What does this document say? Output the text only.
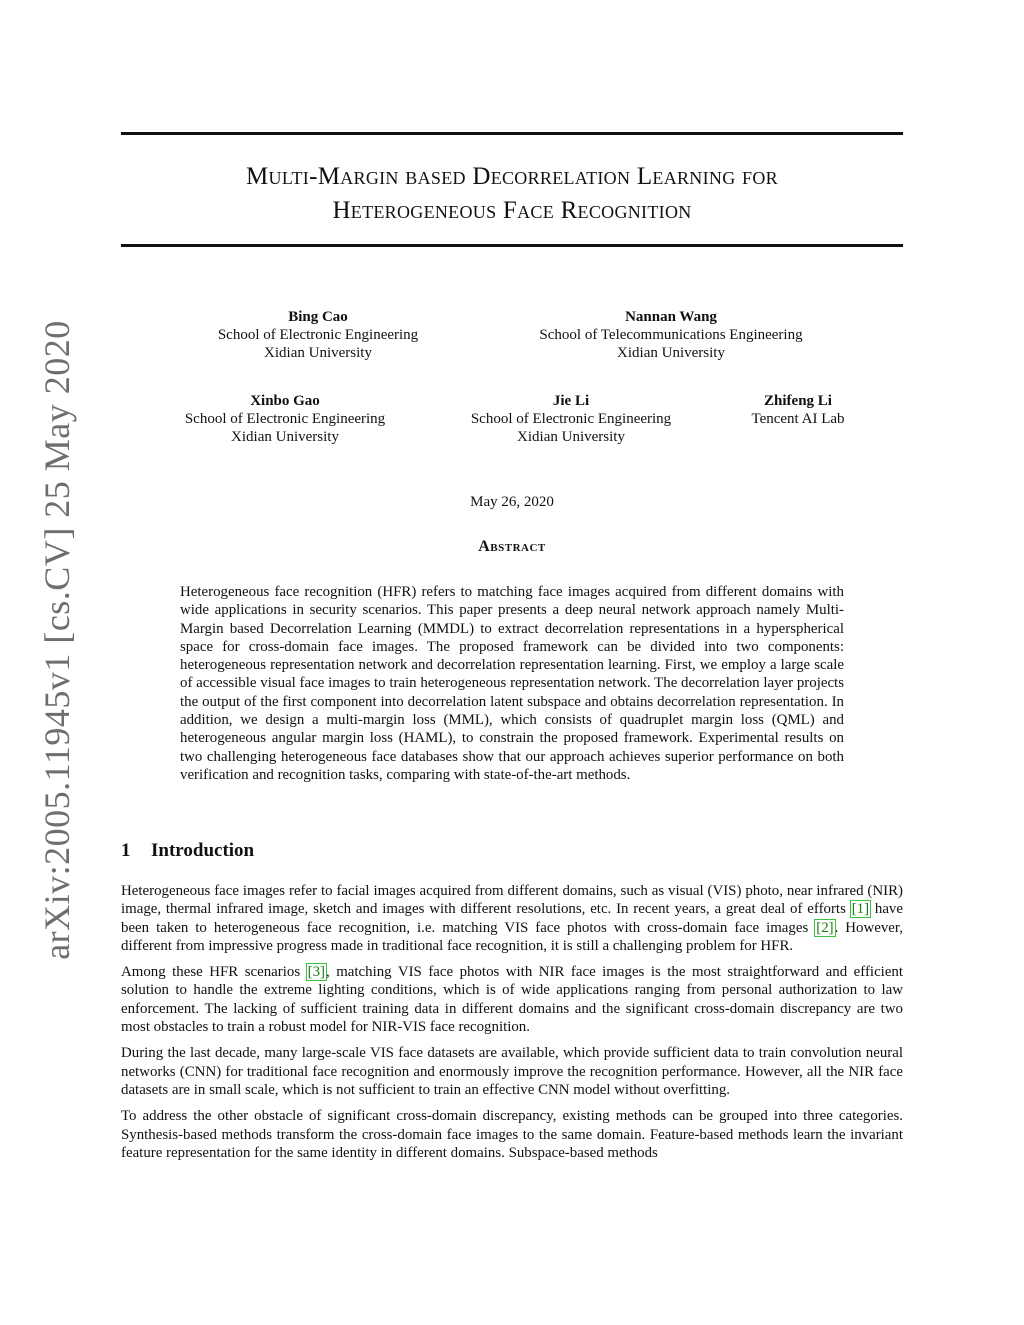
arXiv:2005.11945v1 [cs.CV] 25 May 2020
Multi-Margin based Decorrelation Learning for
Heterogeneous Face Recognition
Bing Cao
School of Electronic Engineering
Xidian University
Nannan Wang
School of Telecommunications Engineering
Xidian University
Xinbo Gao
School of Electronic Engineering
Xidian University
Jie Li
School of Electronic Engineering
Xidian University
Zhifeng Li
Tencent AI Lab
May 26, 2020
Abstract
Heterogeneous face recognition (HFR) refers to matching face images acquired from different domains with wide applications in security scenarios. This paper presents a deep neural network approach namely Multi-Margin based Decorrelation Learning (MMDL) to extract decorrelation representations in a hyperspherical space for cross-domain face images. The proposed framework can be divided into two components: heterogeneous representation network and decorrelation representation learning. First, we employ a large scale of accessible visual face images to train heterogeneous representation network. The decorrelation layer projects the output of the first component into decorrelation latent subspace and obtains decorrelation representation. In addition, we design a multi-margin loss (MML), which consists of quadruplet margin loss (QML) and heterogeneous angular margin loss (HAML), to constrain the proposed framework. Experimental results on two challenging heterogeneous face databases show that our approach achieves superior performance on both verification and recognition tasks, comparing with state-of-the-art methods.
1 Introduction

Heterogeneous face images refer to facial images acquired from different domains, such as visual (VIS) photo, near infrared (NIR) image, thermal infrared image, sketch and images with different resolutions, etc. In recent years, a great deal of efforts [1] have been taken to heterogeneous face recognition, i.e. matching VIS face photos with cross-domain face images [2]. However, different from impressive progress made in traditional face recognition, it is still a challenging problem for HFR.

Among these HFR scenarios [3], matching VIS face photos with NIR face images is the most straightforward and efficient solution to handle the extreme lighting conditions, which is of wide applications ranging from personal authorization to law enforcement. The lacking of sufficient training data in different domains and the significant cross-domain discrepancy are two most obstacles to train a robust model for NIR-VIS face recognition.

During the last decade, many large-scale VIS face datasets are available, which provide sufficient data to train convolution neural networks (CNN) for traditional face recognition and enormously improve the recognition performance. However, all the NIR face datasets are in small scale, which is not sufficient to train an effective CNN model without overfitting.

To address the other obstacle of significant cross-domain discrepancy, existing methods can be grouped into three categories. Synthesis-based methods transform the cross-domain face images to the same domain. Feature-based methods learn the invariant feature representation for the same identity in different domains. Subspace-based methods
